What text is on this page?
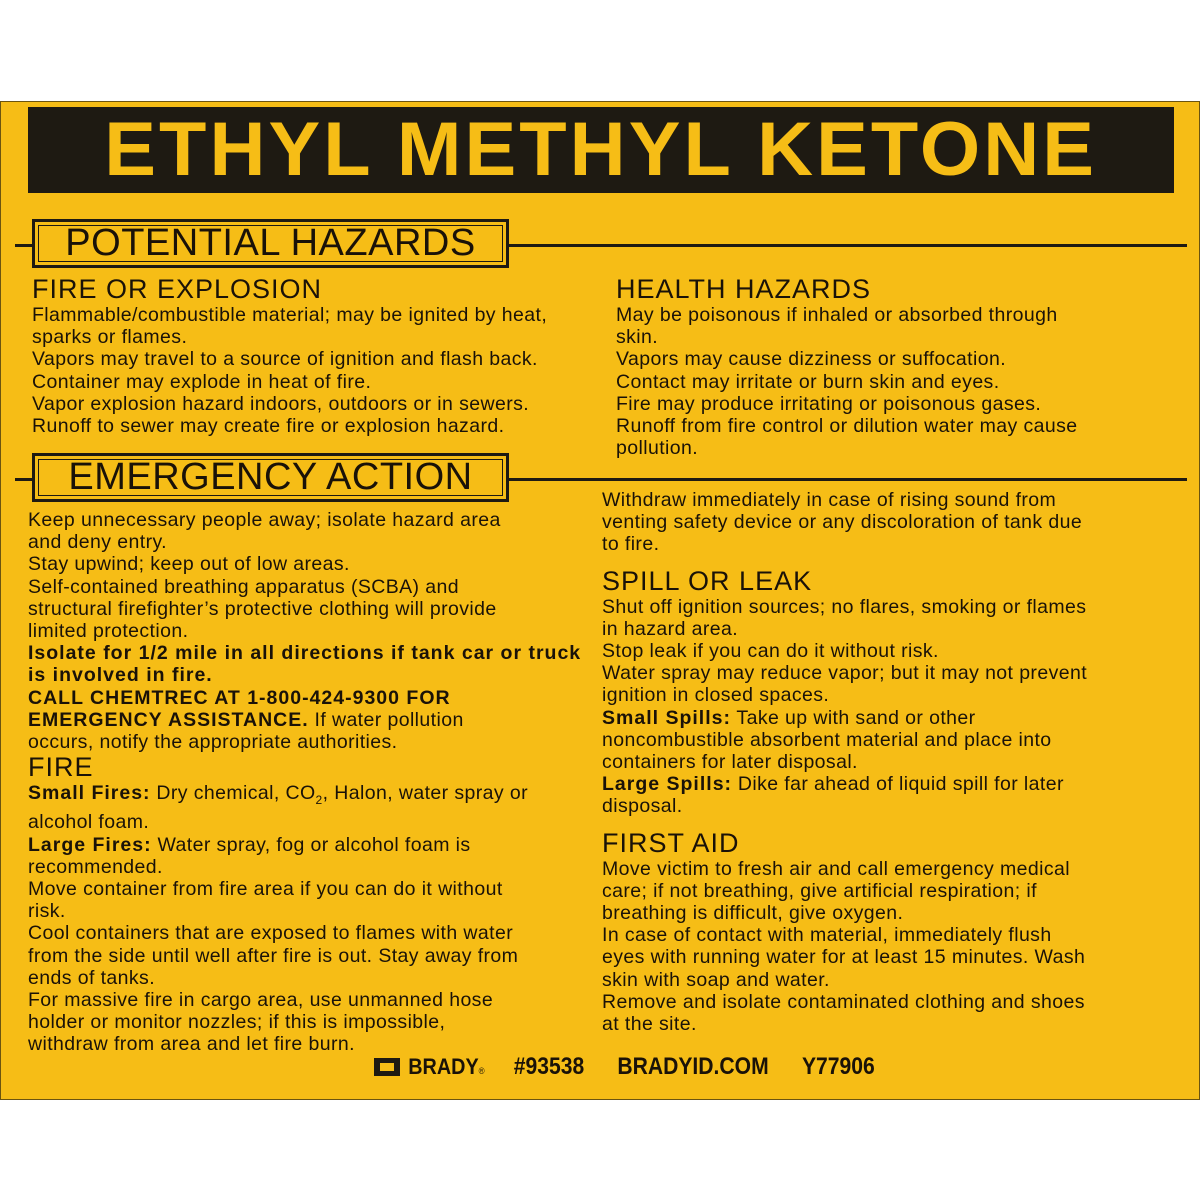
ETHYL METHYL KETONE
POTENTIAL HAZARDS
EMERGENCY ACTION

FIRE OR EXPLOSION

Flammable/combustible material; may be ignited by heat,

sparks or flames.

Vapors may travel to a source of ignition and flash back.

Container may explode in heat of fire.

Vapor explosion hazard indoors, outdoors or in sewers.

Runoff to sewer may create fire or explosion hazard.

HEALTH HAZARDS

May be poisonous if inhaled or absorbed through

skin.

Vapors may cause dizziness or suffocation.

Contact may irritate or burn skin and eyes.

Fire may produce irritating or poisonous gases.

Runoff from fire control or dilution water may cause

pollution.

Keep unnecessary people away; isolate hazard area

and deny entry.

Stay upwind; keep out of low areas.

Self-contained breathing apparatus (SCBA) and

structural firefighter’s protective clothing will provide

limited protection.

Isolate for 1/2 mile in all directions if tank car or truck

is involved in fire.

CALL CHEMTREC AT 1-800-424-9300 FOR

EMERGENCY ASSISTANCE. If water pollution

occurs, notify the appropriate authorities.

FIRE

Small Fires: Dry chemical, $CO_2$, Halon, water spray or

alcohol foam.

Large Fires: Water spray, fog or alcohol foam is

recommended.

Move container from fire area if you can do it without

risk.

Cool containers that are exposed to flames with water

from the side until well after fire is out. Stay away from

ends of tanks.

For massive fire in cargo area, use unmanned hose

holder or monitor nozzles; if this is impossible,

withdraw from area and let fire burn.

Withdraw immediately in case of rising sound from

venting safety device or any discoloration of tank due

to fire.

SPILL OR LEAK

Shut off ignition sources; no flares, smoking or flames

in hazard area.

Stop leak if you can do it without risk.

Water spray may reduce vapor; but it may not prevent

ignition in closed spaces.

Small Spills: Take up with sand or other

noncombustible absorbent material and place into

containers for later disposal.

Large Spills: Dike far ahead of liquid spill for later

disposal.

FIRST AID

Move victim to fresh air and call emergency medical

care; if not breathing, give artificial respiration; if

breathing is difficult, give oxygen.

In case of contact with material, immediately flush

eyes with running water for at least 15 minutes. Wash

skin with soap and water.

Remove and isolate contaminated clothing and shoes

at the site.

BRADY® #93538 BRADYID.COM Y77906
